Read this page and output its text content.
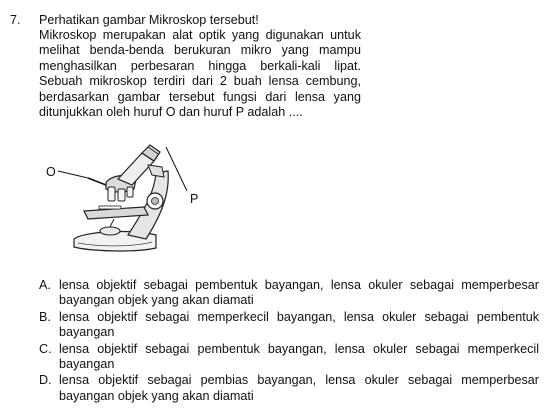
7. Perhatikan gambar Mikroskop tersebut!
Mikroskop merupakan alat optik yang digunakan untuk melihat benda-benda berukuran mikro yang mampu menghasilkan perbesaran hingga berkali-kali lipat. Sebuah mikroskop terdiri dari 2 buah lensa cembung, berdasarkan gambar tersebut fungsi dari lensa yang ditunjukkan oleh huruf O dan huruf P adalah ....
O
P
A. lensa objektif sebagai pembentuk bayangan, lensa okuler sebagai memperbesar bayangan objek yang akan diamati
B. lensa objektif sebagai memperkecil bayangan, lensa okuler sebagai pembentuk bayangan
C. lensa objektif sebagai pembentuk bayangan, lensa okuler sebagai memperkecil bayangan
D. lensa objektif sebagai pembias bayangan, lensa okuler sebagai memperbesar bayangan objek yang akan diamati
